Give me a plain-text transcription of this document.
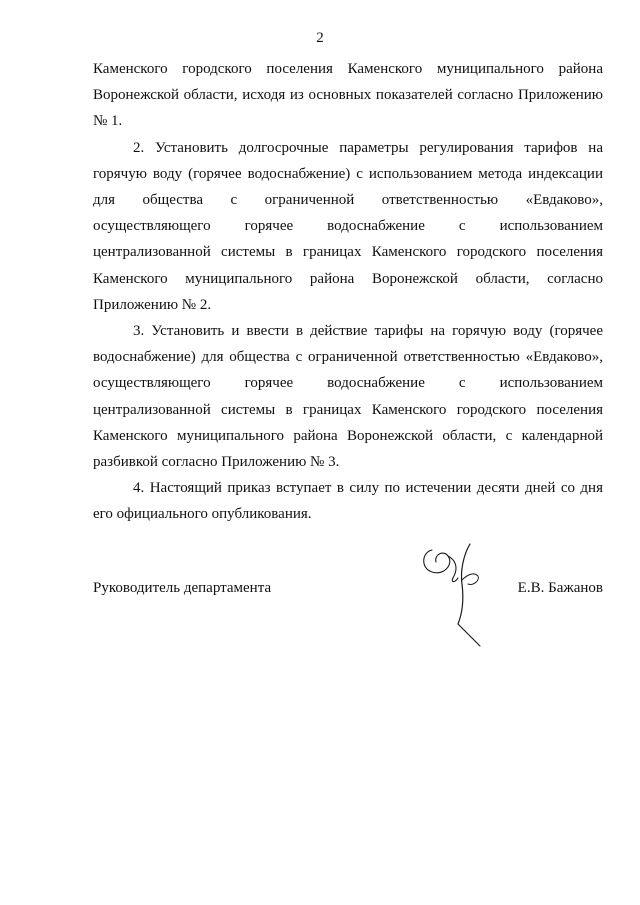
2

Каменского городского поселения Каменского муниципального района Воронежской области, исходя из основных показателей согласно Приложению № 1.

2. Установить долгосрочные параметры регулирования тарифов на горячую воду (горячее водоснабжение) с использованием метода индексации для общества с ограниченной ответственностью «Евдаково», осуществляющего горячее водоснабжение с использованием централизованной системы в границах Каменского городского поселения Каменского муниципального района Воронежской области, согласно Приложению № 2.

3. Установить и ввести в действие тарифы на горячую воду (горячее водоснабжение) для общества с ограниченной ответственностью «Евдаково», осуществляющего горячее водоснабжение с использованием централизованной системы в границах Каменского городского поселения Каменского муниципального района Воронежской области, с календарной разбивкой согласно Приложению № 3.

4. Настоящий приказ вступает в силу по истечении десяти дней со дня его официального опубликования.

Руководитель департамента	Е.В. Бажанов
